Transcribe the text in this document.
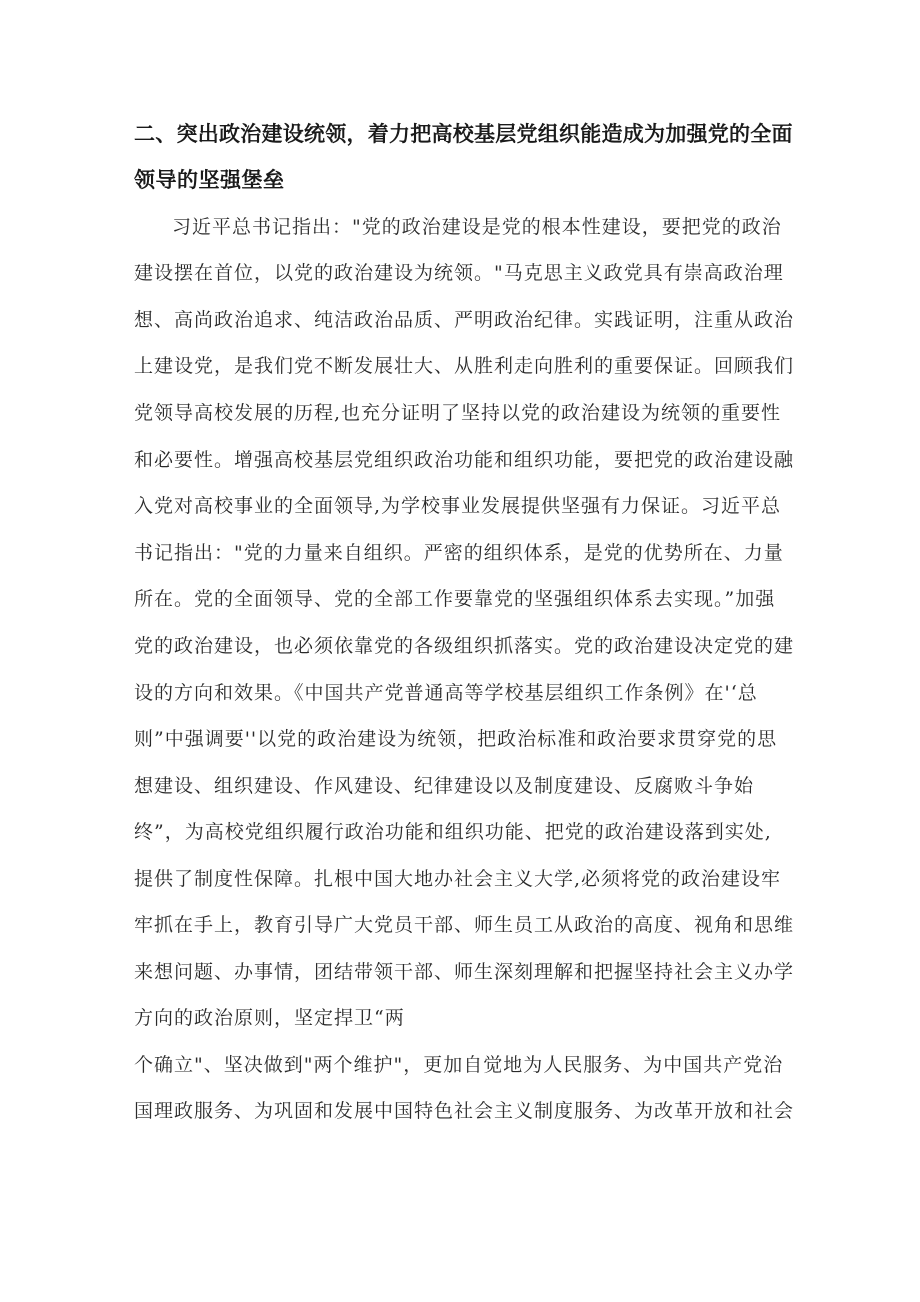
二、突出政治建设统领，着力把高校基层党组织能造成为加强党的全面
领导的坚强堡垒
习近平总书记指出："党的政治建设是党的根本性建设，要把党的政治
建设摆在首位，以党的政治建设为统领。"马克思主义政党具有崇高政治理
想、高尚政治追求、纯洁政治品质、严明政治纪律。实践证明，注重从政治
上建设党，是我们党不断发展壮大、从胜利走向胜利的重要保证。回顾我们
党领导高校发展的历程,也充分证明了坚持以党的政治建设为统领的重要性
和必要性。增强高校基层党组织政治功能和组织功能，要把党的政治建设融
入党对高校事业的全面领导,为学校事业发展提供坚强有力保证。习近平总
书记指出："党的力量来自组织。严密的组织体系，是党的优势所在、力量
所在。党的全面领导、党的全部工作要靠党的坚强组织体系去实现。”加强
党的政治建设，也必须依靠党的各级组织抓落实。党的政治建设决定党的建
设的方向和效果。《中国共产党普通高等学校基层组织工作条例》在'‘总
则”中强调要''以党的政治建设为统领，把政治标准和政治要求贯穿党的思
想建设、组织建设、作风建设、纪律建设以及制度建设、反腐败斗争始
终”，为高校党组织履行政治功能和组织功能、把党的政治建设落到实处,
提供了制度性保障。扎根中国大地办社会主义大学,必须将党的政治建设牢
牢抓在手上，教育引导广大党员干部、师生员工从政治的高度、视角和思维
来想问题、办事情，团结带领干部、师生深刻理解和把握坚持社会主义办学
方向的政治原则，坚定捍卫“两
个确立"、坚决做到"两个维护"，更加自觉地为人民服务、为中国共产党治
国理政服务、为巩固和发展中国特色社会主义制度服务、为改革开放和社会
